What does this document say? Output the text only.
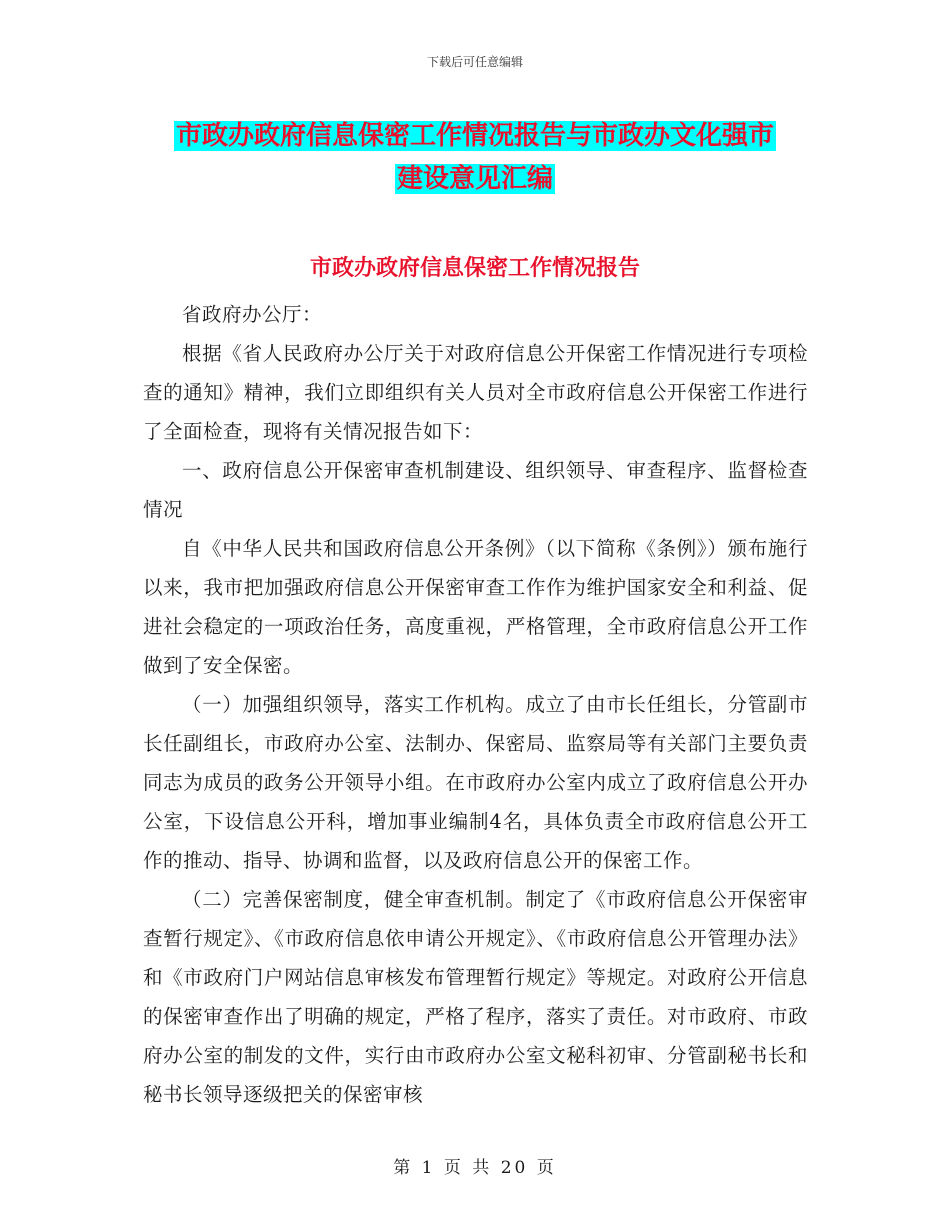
下载后可任意编辑
市政办政府信息保密工作情况报告与市政办文化强市
建设意见汇编
市政办政府信息保密工作情况报告

省政府办公厅：

根据《省人民政府办公厅关于对政府信息公开保密工作情况进行专项检查的通知》精神，我们立即组织有关人员对全市政府信息公开保密工作进行了全面检查，现将有关情况报告如下：

一、政府信息公开保密审查机制建设、组织领导、审查程序、监督检查情况

自《中华人民共和国政府信息公开条例》（以下简称《条例》）颁布施行以来，我市把加强政府信息公开保密审查工作作为维护国家安全和利益、促进社会稳定的一项政治任务，高度重视，严格管理，全市政府信息公开工作做到了安全保密。

（一）加强组织领导，落实工作机构。成立了由市长任组长，分管副市长任副组长，市政府办公室、法制办、保密局、监察局等有关部门主要负责同志为成员的政务公开领导小组。在市政府办公室内成立了政府信息公开办公室，下设信息公开科，增加事业编制4名，具体负责全市政府信息公开工作的推动、指导、协调和监督，以及政府信息公开的保密工作。

（二）完善保密制度，健全审查机制。制定了《市政府信息公开保密审查暂行规定》、《市政府信息依申请公开规定》、《市政府信息公开管理办法》和《市政府门户网站信息审核发布管理暂行规定》等规定。对政府公开信息的保密审查作出了明确的规定，严格了程序，落实了责任。对市政府、市政府办公室的制发的文件，实行由市政府办公室文秘科初审、分管副秘书长和秘书长领导逐级把关的保密审核

第 1 页 共 20 页
